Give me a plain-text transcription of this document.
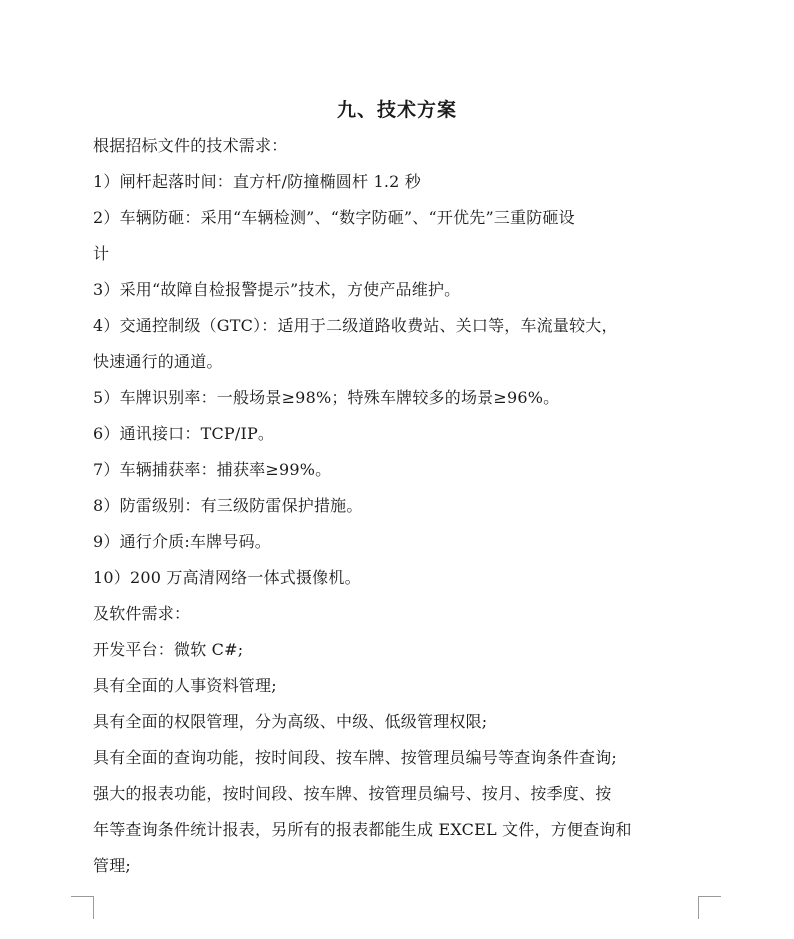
九、技术方案
根据招标文件的技术需求：
1）闸杆起落时间：直方杆/防撞椭圆杆 1.2 秒
2）车辆防砸：采用“车辆检测”、“数字防砸”、“开优先”三重防砸设
计
3）采用“故障自检报警提示”技术，方使产品维护。
4）交通控制级（GTC）：适用于二级道路收费站、关口等，车流量较大，
快速通行的通道。
5）车牌识别率：一般场景≥98%；特殊车牌较多的场景≥96%。
6）通讯接口：TCP/IP。
7）车辆捕获率：捕获率≥99%。
8）防雷级别：有三级防雷保护措施。
9）通行介质:车牌号码。
10）200 万高清网络一体式摄像机。
及软件需求：
开发平台：微软 C#;
具有全面的人事资料管理;
具有全面的权限管理，分为高级、中级、低级管理权限;
具有全面的查询功能，按时间段、按车牌、按管理员编号等查询条件查询;
强大的报表功能，按时间段、按车牌、按管理员编号、按月、按季度、按
年等查询条件统计报表，另所有的报表都能生成 EXCEL 文件，方便查询和
管理;
